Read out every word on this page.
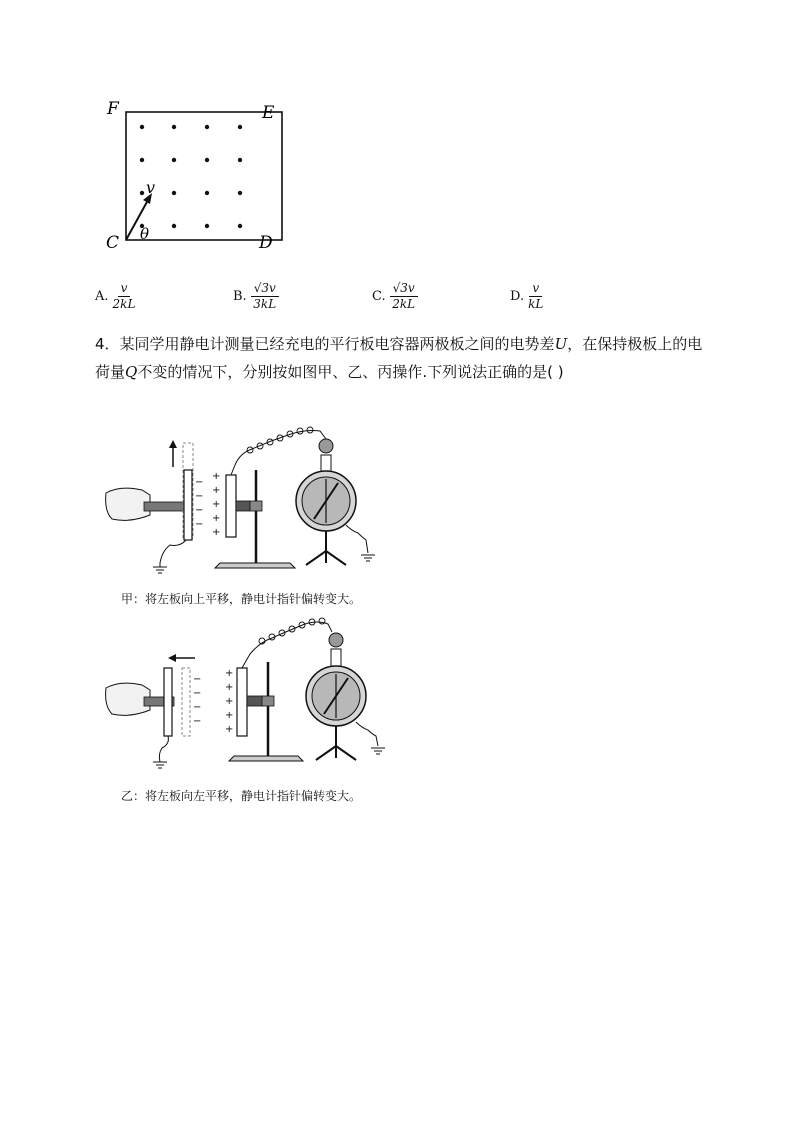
F	E
C	D
v
θ
A. $\frac{v}{2kL}$	B. $\frac{√3v}{3kL}$	C. $\frac{√3v}{2kL}$	D. $\frac{v}{kL}$
4．某同学用静电计测量已经充电的平行板电容器两极板之间的电势差U，在保持极板上的电荷量Q不变的情况下，分别按如图甲、乙、丙操作.下列说法正确的是( )
−
−
−
−
+
+
+
+
+
甲：将左板向上平移，静电计指针偏转变大。
−
−
−
−
+
+
+
+
+
乙：将左板向左平移，静电计指针偏转变大。
